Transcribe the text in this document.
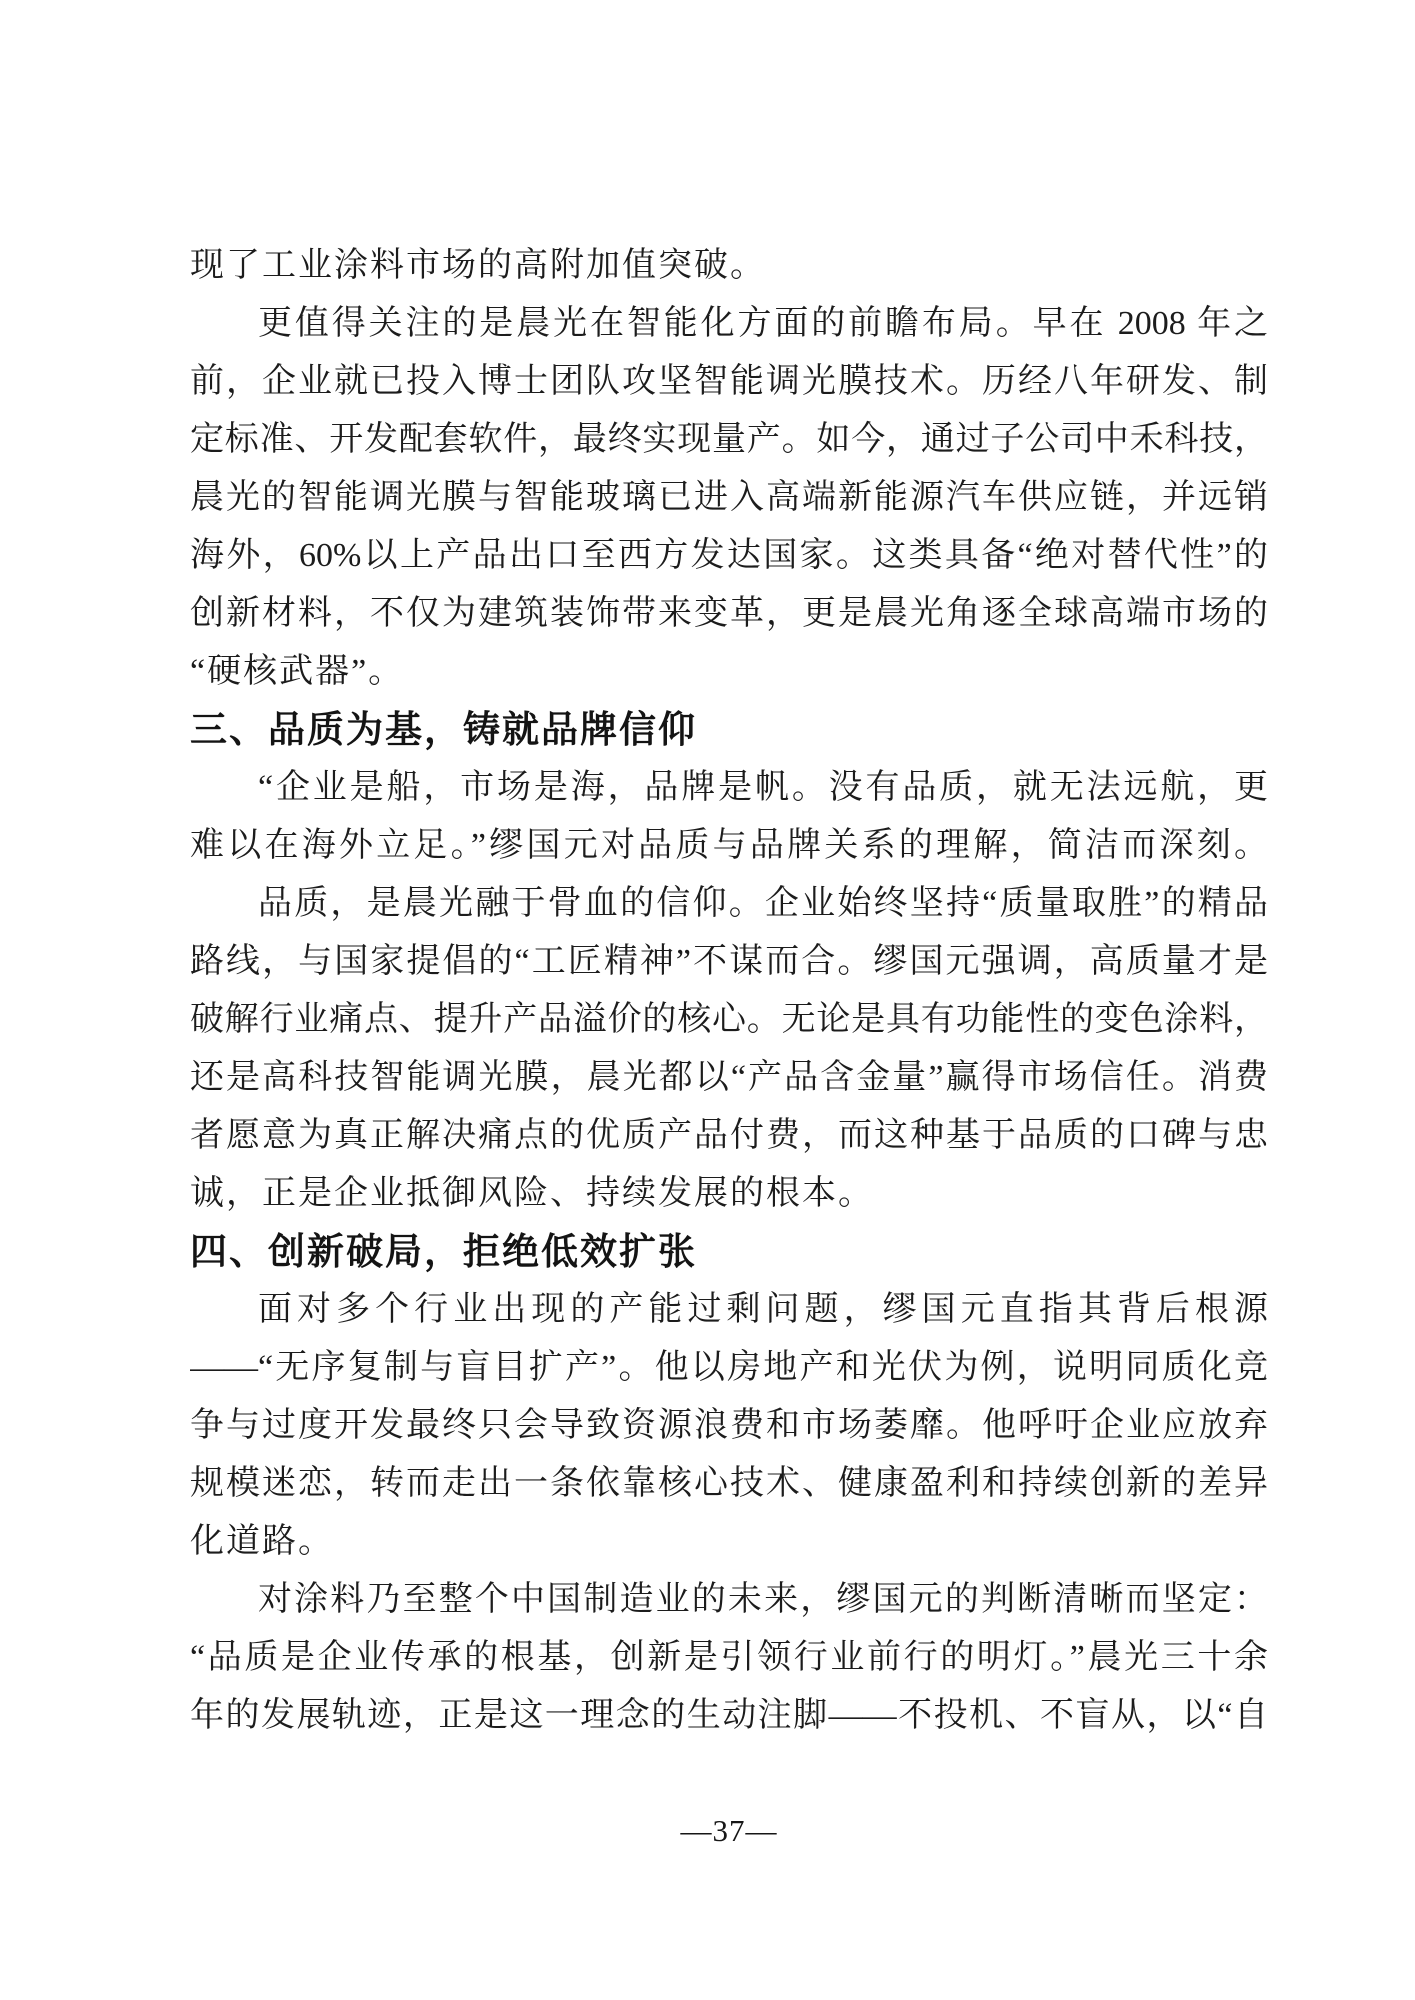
现了工业涂料市场的高附加值突破。
更值得关注的是晨光在智能化方面的前瞻布局。早在 2008 年之
前，企业就已投入博士团队攻坚智能调光膜技术。历经八年研发、制
定标准、开发配套软件，最终实现量产。如今，通过子公司中禾科技，
晨光的智能调光膜与智能玻璃已进入高端新能源汽车供应链，并远销
海外，60%以上产品出口至西方发达国家。这类具备“绝对替代性”的
创新材料，不仅为建筑装饰带来变革，更是晨光角逐全球高端市场的
“硬核武器”。
三、品质为基，铸就品牌信仰
“企业是船，市场是海，品牌是帆。没有品质，就无法远航，更
难以在海外立足。”缪国元对品质与品牌关系的理解，简洁而深刻。
品质，是晨光融于骨血的信仰。企业始终坚持“质量取胜”的精品
路线，与国家提倡的“工匠精神”不谋而合。缪国元强调，高质量才是
破解行业痛点、提升产品溢价的核心。无论是具有功能性的变色涂料，
还是高科技智能调光膜，晨光都以“产品含金量”赢得市场信任。消费
者愿意为真正解决痛点的优质产品付费，而这种基于品质的口碑与忠
诚，正是企业抵御风险、持续发展的根本。
四、创新破局，拒绝低效扩张
面对多个行业出现的产能过剩问题，缪国元直指其背后根源
——“无序复制与盲目扩产”。他以房地产和光伏为例，说明同质化竞
争与过度开发最终只会导致资源浪费和市场萎靡。他呼吁企业应放弃
规模迷恋，转而走出一条依靠核心技术、健康盈利和持续创新的差异
化道路。
对涂料乃至整个中国制造业的未来，缪国元的判断清晰而坚定：
“品质是企业传承的根基，创新是引领行业前行的明灯。”晨光三十余
年的发展轨迹，正是这一理念的生动注脚——不投机、不盲从，以“自
—37—
